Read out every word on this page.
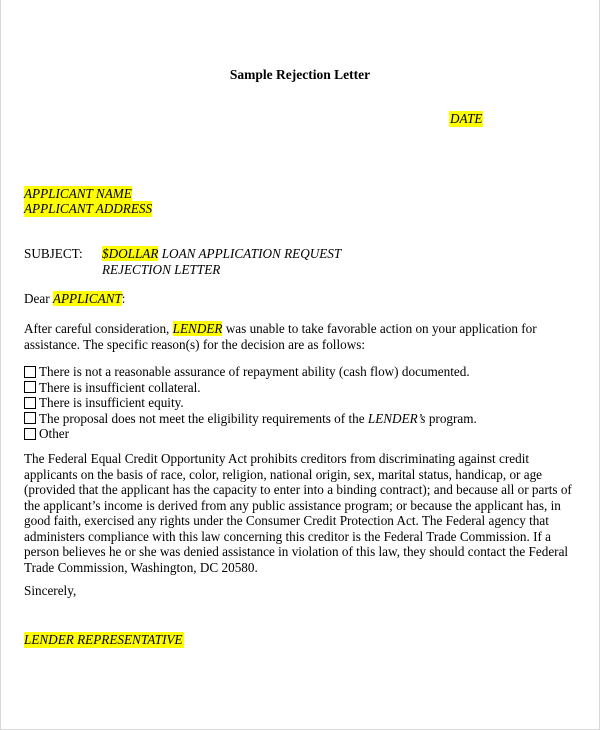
Sample Rejection Letter
DATE
APPLICANT NAME
APPLICANT ADDRESS
SUBJECT: $DOLLAR LOAN APPLICATION REQUEST
REJECTION LETTER
Dear APPLICANT:
After careful consideration, LENDER was unable to take favorable action on your application for
assistance. The specific reason(s) for the decision are as follows:
There is not a reasonable assurance of repayment ability (cash flow) documented.
There is insufficient collateral.
There is insufficient equity.
The proposal does not meet the eligibility requirements of the LENDER’s program.
Other
The Federal Equal Credit Opportunity Act prohibits creditors from discriminating against credit
applicants on the basis of race, color, religion, national origin, sex, marital status, handicap, or age
(provided that the applicant has the capacity to enter into a binding contract); and because all or parts of
the applicant’s income is derived from any public assistance program; or because the applicant has, in
good faith, exercised any rights under the Consumer Credit Protection Act. The Federal agency that
administers compliance with this law concerning this creditor is the Federal Trade Commission. If a
person believes he or she was denied assistance in violation of this law, they should contact the Federal
Trade Commission, Washington, DC 20580.
Sincerely,
LENDER REPRESENTATIVE
